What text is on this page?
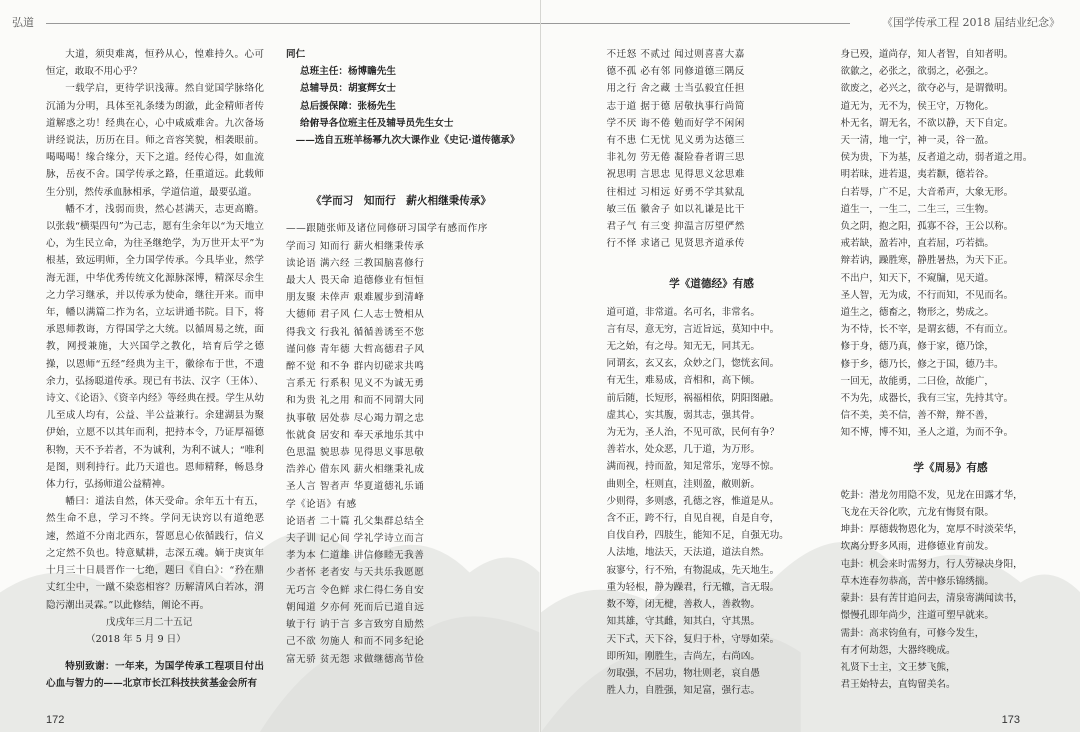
弘道

大道，须臾难离，恒矜从心，惶难持久。心可恒定，敢取不用心乎？

一载学启，更待学识浅薄。然自觉国学脉络化沉涌为分明，具体至礼条缕为朗澈，此金精师者传道解惑之功！经典在心，心中咸威难舍。九次备场讲经说法，历历在目。师之音容笑貌，相袭眼前。喝喝喝！缘合缘分，天下之道。经传心得，如血流脉，岳夜不舍。国学传承之路，任重道远。此载师生分别，然传承血脉相承，学道信道，最要弘道。

幡不才，浅弱而贵，然心甚满天，志更高瞻。以张载“横渠四句”为己志，愿有生余年以“为天地立心，为生民立命，为往圣继绝学，为万世开太平”为根基，致远明师，全力国学传承。今具毕业，然学海无涯，中华优秀传统文化源脉深博，精深尽余生之力学习继承，并以传承为使命，继往开来。而申年，幡以满篇二拃为名，立坛讲通书院。目下，将承恩师教诲，方得国学之大统。以循周易之统，面教，网授兼施，大兴国学之教化，培育后学之德操，以恩师“五经”经典为主干，徽徐布于世，不遗余力，弘扬聪道传承。现已有书法、汉字（王体）、诗文、《论语》、《资辛内经》等经典在授。学生从幼儿至成人均有，公益、半公益兼行。余建湖县为聚伊始，立愿不以其年而利，把持本令，乃证厚福德积物，天不予若者，不为诚利，为利不诚人；“唯利是图，则利持行。此乃天道也。恩师精释，畅恳身体力行，弘扬师道公益精神。

幡曰：道法自然，体天受命。余年五十有五，然生命不息，学习不终。学问无诀窍以有道绝恶速，然道不分南北西东，誓愿息心依循践行，信义之定然不负也。特意赋耕，志深五魂。嫡于庚寅年十月三十日晨晋作一七绝，题曰《自白》：“矜在鼎丈红尘中，一蹴不染恣相容？历解清风白若冰，渭隐污潮出灵霖。”以此修结，阐论不再。

戊戌年三月二十五记

（2018 年 5 月 9 日）

特别致谢：一年来，为国学传承工程项目付出心血与智力的——北京市长江科技扶贫基金会所有

同仁
总班主任：杨博瞻先生
总辅导员：胡宴辉女士
总后援保障：张杨先生
给俯导各位班主任及辅导员先生女士

——选自五班羊杨幂九次大课作业《史记·道传德承》

《学而习　知而行　薪火相继秉传承》
——跟随张师及诸位同修研习国学有感而作序
学而习 知而行 薪火相继秉传承
读论语 满六经 三教国脑喜修行
最大人 畏天命 追德修业有恒恒
朋友聚 未倖声 艰难履步到清峰
大德师 君子风 仁人志士赞相从
得我文 行我礼 循循善诱至不您
谨问修 青年德 大哲高德君子风
醉不觉 和不争 群内切磋求共鸣
言系无 行系积 见义不为诚无勇
和为贵 礼之用 和而不同谓大同
执事敬 居处恭 尽心竭力谓之忠
怅就食 居安和 奉天承地乐其中
色思温 貌思恭 见得思义事思敬
浩养心 借东风 薪火相继秉礼成
圣人言 智者声 华夏道德礼乐诵
学《论语》有感
论语者 二十篇 孔父集群总结全
夫子训 记心间 学礼学诗立而言
孝为本 仁道雄 讲信修睦无我善
少者怀 老者安 与天共乐我愿愿
无巧言 令色鲜 求仁得仁务自安
朝闻道 夕亦何 死而后已道自远
敏于行 讷于言 多言致穷自励然
己不欲 勿施人 和而不同多纪论
富无骄 贫无怨 求做继德高节俭
172
《国学传承工程 2018 届结业纪念》
不迁怒 不贰过 闻过则喜喜大嘉
德不孤 必有邻 同修道德三隅反
用之行 舍之藏 士当弘毅宜任担
志于道 据于德 居敬执事行尚简
学不厌 诲不倦 勉而好学不闲闲
有不患 仁无忧 见义勇为达德三
非礼勿 劳无倦 凝险眷者谓三思
祝思明 言思忠 见得思义忿思难
往相过 习相远 好勇不学其狱乱
敏三伍 徽舍子 如以礼谦是比干
君子气 有三变 抑温言厉望俨然
行不怿 求诸己 见贤思齐道承传
学《道德经》有感
道可道，非常道。名可名，非常名。
言有尽，意无穷，言近旨远，莫知中中。
无之始，有之母。知无无，同其无。
同谓玄，玄又玄，众妙之门，惚恍玄间。
有无生，难易成，音相和，高下倾。
前后随，长短形，祸福相依，阴阳图融。
虚其心，实其腹，弱其志，强其骨。
为无为，圣人治，不见可欲，民何有争？
善若水，处众恶，几于道，为万形。
满而视，持而盈，知足常乐，宠辱不惊。
曲则全，枉则直，洼则盈，敝则新。
少则得，多则惑，孔德之容，惟道是从。
含不正，跨不行，自见自视，自是自夸，
自伐自矜，四肢生，能知不足，自强无功。
人法地，地法天，天法道，道法自然。
寂寥兮，行不殆，有物混成，先天地生。
重为轻根，静为躁君，行无辙，言无瑕。
数不筹，闭无楗，善救人，善救物。
知其雄，守其雌，知其白，守其黑。
天下式，天下谷，复归于朴，守辱如荣。
即所知，刚胜生，吉尚左，右尚凶。
勿取强，不居功，物壮则老，哀自愚
胜人力，自胜强，知足富，强行志。
身已殁，道尚存，知人者智，自知者明。
欲歙之，必张之，欲弱之，必强之。
欲废之，必兴之，欲夺必与，是谓微明。
道无为，无不为，侯王守，万物化。
朴无名，谓无名，不欲以静，天下自定。
天一清，地一宁，神一灵，谷一盈。
侯为贵，下为基，反者道之动，弱者道之用。
明若昧，进若退，夷若颣，德若谷。
白若辱，广不足，大音希声，大象无形。
道生一，一生二，二生三，三生物。
负之阴，抱之阳，孤寡不谷，王公以称。
戒若缺，盈若冲，直若屈，巧若拙。
辩若讷，躁胜寒，静胜暑热，为天下正。
不出户，知天下，不窥牖，见天道。
圣人智，无为成，不行而知，不见而名。
道生之，德畜之，物形之，势成之。
为不恃，长不宰，是谓玄德，不有而立。
修于身，德乃真，修于家，德乃馀，
修于乡，德乃长，修之于国，德乃丰。
一回无，故能勇，二曰俭，故能广，
不为先，成器长，我有三宝，先持其守。
信不美，美不信，善不辩，辩不善，
知不博，博不知，圣人之道，为而不争。
学《周易》有感
乾卦：潜龙勿用隐不发，见龙在田露才华，
飞龙在天谷化吹，亢龙有悔贤有限。
坤卦：厚德载物恩化为，宽厚不时淡荣华，
坎离分野多风雨，进修德业育前发。
屯卦：机会来时需努力，行人劳禄决身阳，
草木连春勿恭高，苦中修乐锦绣揣。
蒙卦：县有苦甘追问去，清泉寄满闻读书，
憬慢孔即年尚少，注道可塑早就来。
需卦：高求钧鱼有，可修今发生，
有才何劫怨，大器终晚成。
礼贤下士主，文王梦飞熊，
君王始特去，直钩留美名。
173
